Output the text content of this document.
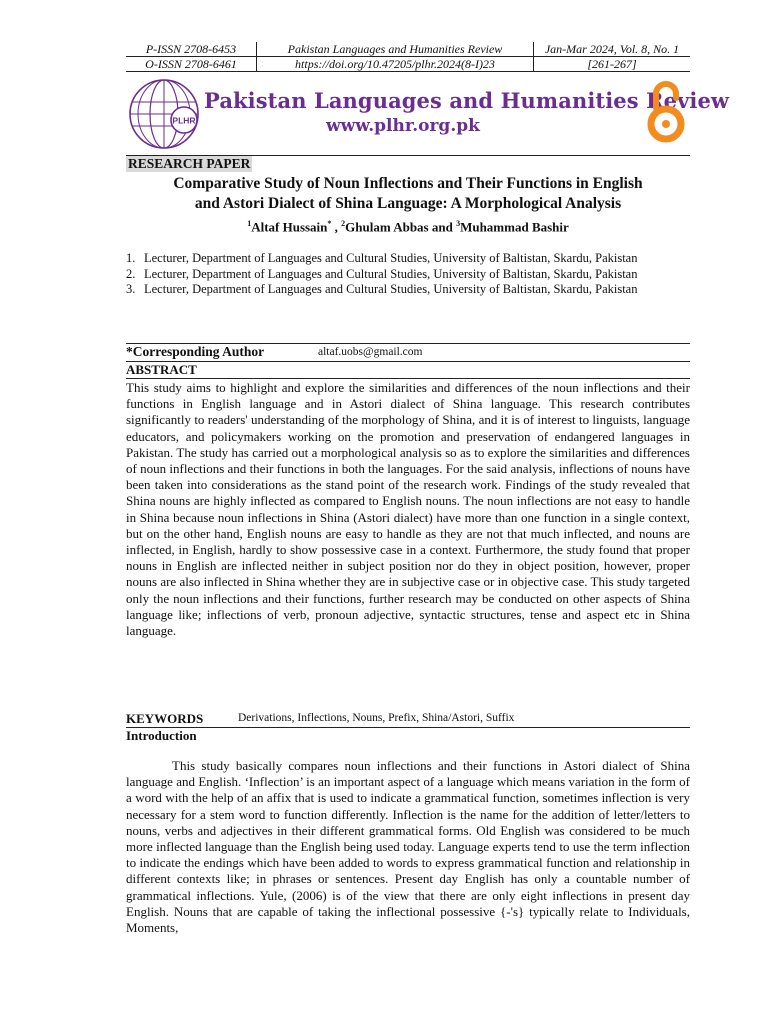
P-ISSN 2708-6453	Pakistan Languages and Humanities Review	Jan-Mar 2024, Vol. 8, No. 1
O-ISSN 2708-6461	https://doi.org/10.47205/plhr.2024(8-I)23	[261-267]
PLHR
Pakistan Languages and Humanities Review
www.plhr.org.pk
RESEARCH PAPER
Comparative Study of Noun Inflections and Their Functions in English
and Astori Dialect of Shina Language: A Morphological Analysis
$^1$Altaf Hussain* , $^2$Ghulam Abbas and $^3$Muhammad Bashir
1. Lecturer, Department of Languages and Cultural Studies, University of Baltistan, Skardu, Pakistan
2. Lecturer, Department of Languages and Cultural Studies, University of Baltistan, Skardu, Pakistan
3. Lecturer, Department of Languages and Cultural Studies, University of Baltistan, Skardu, Pakistan
*Corresponding Author	altaf.uobs@gmail.com
ABSTRACT

This study aims to highlight and explore the similarities and differences of the noun inflections and their functions in English language and in Astori dialect of Shina language. This research contributes significantly to readers' understanding of the morphology of Shina, and it is of interest to linguists, language educators, and policymakers working on the promotion and preservation of endangered languages in Pakistan. The study has carried out a morphological analysis so as to explore the similarities and differences of noun inflections and their functions in both the languages. For the said analysis, inflections of nouns have been taken into considerations as the stand point of the research work. Findings of the study revealed that Shina nouns are highly inflected as compared to English nouns. The noun inflections are not easy to handle in Shina because noun inflections in Shina (Astori dialect) have more than one function in a single context, but on the other hand, English nouns are easy to handle as they are not that much inflected, and nouns are inflected, in English, hardly to show possessive case in a context. Furthermore, the study found that proper nouns in English are inflected neither in subject position nor do they in object position, however, proper nouns are also inflected in Shina whether they are in subjective case or in objective case. This study targeted only the noun inflections and their functions, further research may be conducted on other aspects of Shina language like; inflections of verb, pronoun adjective, syntactic structures, tense and aspect etc in Shina language.

KEYWORDS	Derivations, Inflections, Nouns, Prefix, Shina/Astori, Suffix
Introduction

This study basically compares noun inflections and their functions in Astori dialect of Shina language and English. ‘Inflection’ is an important aspect of a language which means variation in the form of a word with the help of an affix that is used to indicate a grammatical function, sometimes inflection is very necessary for a stem word to function differently. Inflection is the name for the addition of letter/letters to nouns, verbs and adjectives in their different grammatical forms. Old English was considered to be much more inflected language than the English being used today. Language experts tend to use the term inflection to indicate the endings which have been added to words to express grammatical function and relationship in different contexts like; in phrases or sentences. Present day English has only a countable number of grammatical inflections. Yule, (2006) is of the view that there are only eight inflections in present day English. Nouns that are capable of taking the inflectional possessive {-'s} typically relate to Individuals, Moments,
